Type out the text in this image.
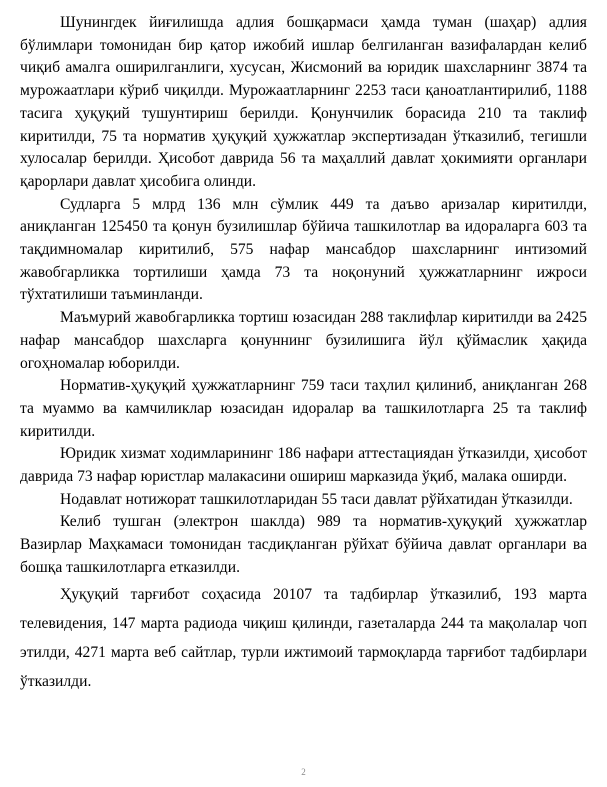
Шунингдек йиғилишда адлия бошқармаси ҳамда туман (шаҳар) адлия бўлимлари томонидан бир қатор ижобий ишлар белгиланган вазифалардан келиб чиқиб амалга оширилганлиги, хусусан, Жисмоний ва юридик шахсларнинг 3874 та мурожаатлари кўриб чиқилди. Мурожаатларнинг 2253 таси қаноатлантирилиб, 1188 тасига ҳуқуқий тушунтириш берилди. Қонунчилик борасида 210 та таклиф киритилди, 75 та норматив ҳуқуқий ҳужжатлар экспертизадан ўтказилиб, тегишли хулосалар берилди. Ҳисобот даврида 56 та маҳаллий давлат ҳокимияти органлари қарорлари давлат ҳисобига олинди.

Судларга 5 млрд 136 млн сўмлик 449 та даъво аризалар киритилди, аниқланган 125450 та қонун бузилишлар бўйича ташкилотлар ва идораларга 603 та тақдимномалар киритилиб, 575 нафар мансабдор шахсларнинг интизомий жавобгарликка тортилиши ҳамда 73 та ноқонуний ҳужжатларнинг ижроси тўхтатилиши таъминланди.

Маъмурий жавобгарликка тортиш юзасидан 288 таклифлар киритилди ва 2425 нафар мансабдор шахсларга қонуннинг бузилишига йўл қўймаслик ҳақида огоҳномалар юборилди.

Норматив-ҳуқуқий ҳужжатларнинг 759 таси таҳлил қилиниб, аниқланган 268 та муаммо ва камчиликлар юзасидан идоралар ва ташкилотларга 25 та таклиф киритилди.

Юридик хизмат ходимларининг 186 нафари аттестациядан ўтказилди, ҳисобот даврида 73 нафар юристлар малакасини ошириш марказида ўқиб, малака оширди.

Нодавлат нотижорат ташкилотларидан 55 таси давлат рўйхатидан ўтказилди.

Келиб тушган (электрон шаклда) 989 та норматив-ҳуқуқий ҳужжатлар Вазирлар Маҳкамаси томонидан тасдиқланган рўйхат бўйича давлат органлари ва бошқа ташкилотларга етказилди.

Ҳуқуқий тарғибот соҳасида 20107 та тадбирлар ўтказилиб, 193 марта телевидения, 147 марта радиода чиқиш қилинди, газеталарда 244 та мақолалар чоп этилди, 4271 марта веб сайтлар, турли ижтимоий тармоқларда тарғибот тадбирлари ўтказилди.

2
